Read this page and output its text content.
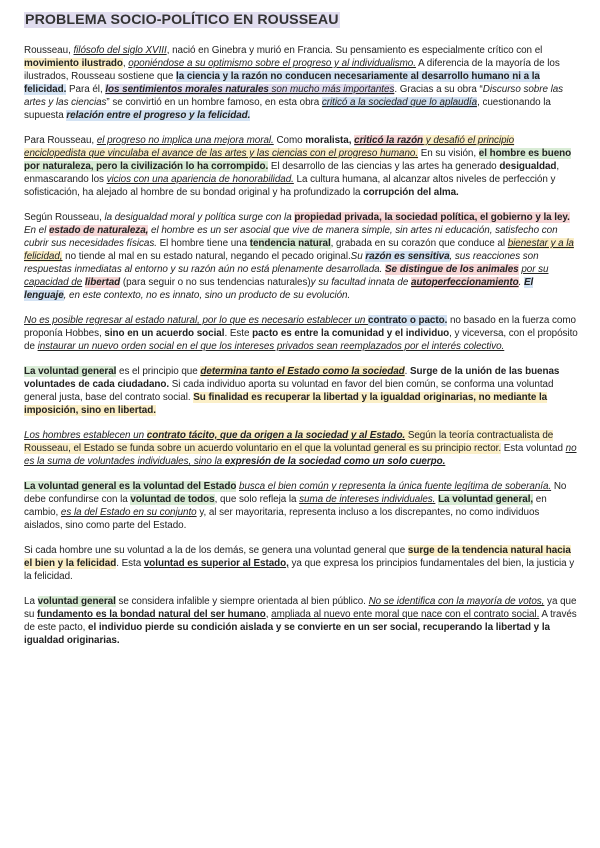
PROBLEMA SOCIO-POLÍTICO EN ROUSSEAU

Rousseau, filósofo del siglo XVIII, nació en Ginebra y murió en Francia. Su pensamiento es especialmente crítico con el movimiento ilustrado, oponiéndose a su optimismo sobre el progreso y al individualismo. A diferencia de la mayoría de los ilustrados, Rousseau sostiene que la ciencia y la razón no conducen necesariamente al desarrollo humano ni a la felicidad. Para él, los sentimientos morales naturales son mucho más importantes. Gracias a su obra “Discurso sobre las artes y las ciencias” se convirtió en un hombre famoso, en esta obra criticó a la sociedad que lo aplaudía, cuestionando la supuesta relación entre el progreso y la felicidad.

Para Rousseau, el progreso no implica una mejora moral. Como moralista, criticó la razón y desafió el principio enciclopedista que vinculaba el avance de las artes y las ciencias con el progreso humano. En su visión, el hombre es bueno por naturaleza, pero la civilización lo ha corrompido. El desarrollo de las ciencias y las artes ha generado desigualdad, enmascarando los vicios con una apariencia de honorabilidad. La cultura humana, al alcanzar altos niveles de perfección y sofisticación, ha alejado al hombre de su bondad original y ha profundizado la corrupción del alma.

Según Rousseau, la desigualdad moral y política surge con la propiedad privada, la sociedad política, el gobierno y la ley. En el estado de naturaleza, el hombre es un ser asocial que vive de manera simple, sin artes ni educación, satisfecho con cubrir sus necesidades físicas. El hombre tiene una tendencia natural, grabada en su corazón que conduce al bienestar y a la felicidad, no tiende al mal en su estado natural, negando el pecado original.Su razón es sensitiva, sus reacciones son respuestas inmediatas al entorno y su razón aún no está plenamente desarrollada. Se distingue de los animales por su capacidad de libertad (para seguir o no sus tendencias naturales)y su facultad innata de autoperfeccionamiento. El lenguaje, en este contexto, no es innato, sino un producto de su evolución.

No es posible regresar al estado natural, por lo que es necesario establecer un contrato o pacto. no basado en la fuerza como proponía Hobbes, sino en un acuerdo social. Este pacto es entre la comunidad y el individuo, y viceversa, con el propósito de instaurar un nuevo orden social en el que los intereses privados sean reemplazados por el interés colectivo.

La voluntad general es el principio que determina tanto el Estado como la sociedad. Surge de la unión de las buenas voluntades de cada ciudadano. Si cada individuo aporta su voluntad en favor del bien común, se conforma una voluntad general justa, base del contrato social. Su finalidad es recuperar la libertad y la igualdad originarias, no mediante la imposición, sino en libertad.

Los hombres establecen un contrato tácito, que da origen a la sociedad y al Estado. Según la teoría contractualista de Rousseau, el Estado se funda sobre un acuerdo voluntario en el que la voluntad general es su principio rector. Esta voluntad no es la suma de voluntades individuales, sino la expresión de la sociedad como un solo cuerpo.

La voluntad general es la voluntad del Estado busca el bien común y representa la única fuente legítima de soberanía. No debe confundirse con la voluntad de todos, que solo refleja la suma de intereses individuales. La voluntad general, en cambio, es la del Estado en su conjunto y, al ser mayoritaria, representa incluso a los discrepantes, no como individuos aislados, sino como parte del Estado.

Si cada hombre une su voluntad a la de los demás, se genera una voluntad general que surge de la tendencia natural hacia el bien y la felicidad. Esta voluntad es superior al Estado, ya que expresa los principios fundamentales del bien, la justicia y la felicidad.

La voluntad general se considera infalible y siempre orientada al bien público. No se identifica con la mayoría de votos, ya que su fundamento es la bondad natural del ser humano, ampliada al nuevo ente moral que nace con el contrato social. A través de este pacto, el individuo pierde su condición aislada y se convierte en un ser social, recuperando la libertad y la igualdad originarias.
